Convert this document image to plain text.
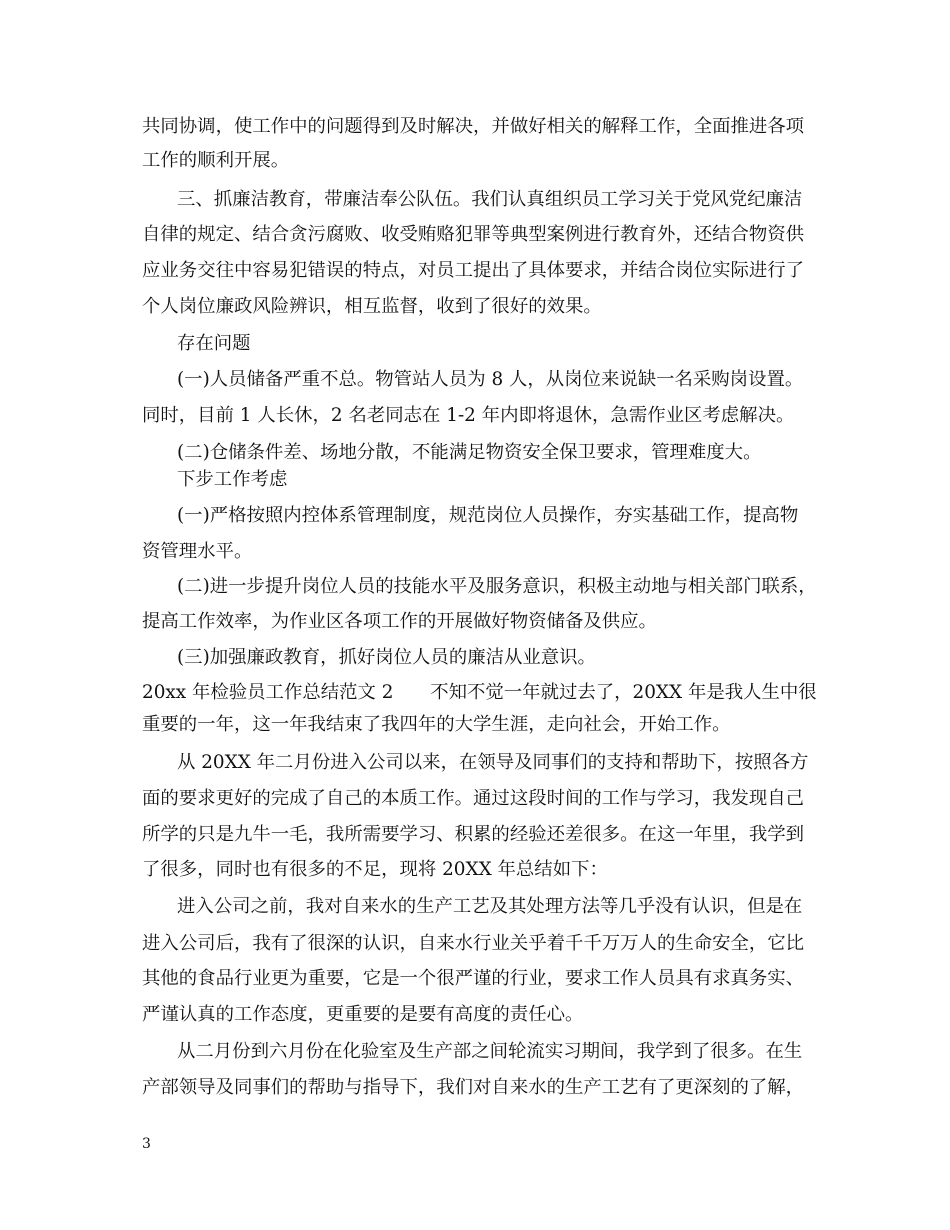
共同协调，使工作中的问题得到及时解决，并做好相关的解释工作，全面推进各项
工作的顺利开展。
三、抓廉洁教育，带廉洁奉公队伍。我们认真组织员工学习关于党风党纪廉洁
自律的规定、结合贪污腐败、收受贿赂犯罪等典型案例进行教育外，还结合物资供
应业务交往中容易犯错误的特点，对员工提出了具体要求，并结合岗位实际进行了
个人岗位廉政风险辨识，相互监督，收到了很好的效果。
存在问题
(一)人员储备严重不总。物管站人员为 8 人，从岗位来说缺一名采购岗设置。
同时，目前 1 人长休，2 名老同志在 1-2 年内即将退休，急需作业区考虑解决。
(二)仓储条件差、场地分散，不能满足物资安全保卫要求，管理难度大。
下步工作考虑
(一)严格按照内控体系管理制度，规范岗位人员操作，夯实基础工作，提高物
资管理水平。
(二)进一步提升岗位人员的技能水平及服务意识，积极主动地与相关部门联系，
提高工作效率，为作业区各项工作的开展做好物资储备及供应。
(三)加强廉政教育，抓好岗位人员的廉洁从业意识。
20xx 年检验员工作总结范文 2　　不知不觉一年就过去了，20XX 年是我人生中很
重要的一年，这一年我结束了我四年的大学生涯，走向社会，开始工作。
从 20XX 年二月份进入公司以来，在领导及同事们的支持和帮助下，按照各方
面的要求更好的完成了自己的本质工作。通过这段时间的工作与学习，我发现自己
所学的只是九牛一毛，我所需要学习、积累的经验还差很多。在这一年里，我学到
了很多，同时也有很多的不足，现将 20XX 年总结如下：
进入公司之前，我对自来水的生产工艺及其处理方法等几乎没有认识，但是在
进入公司后，我有了很深的认识，自来水行业关乎着千千万万人的生命安全，它比
其他的食品行业更为重要，它是一个很严谨的行业，要求工作人员具有求真务实、
严谨认真的工作态度，更重要的是要有高度的责任心。
从二月份到六月份在化验室及生产部之间轮流实习期间，我学到了很多。在生
产部领导及同事们的帮助与指导下，我们对自来水的生产工艺有了更深刻的了解，
3
